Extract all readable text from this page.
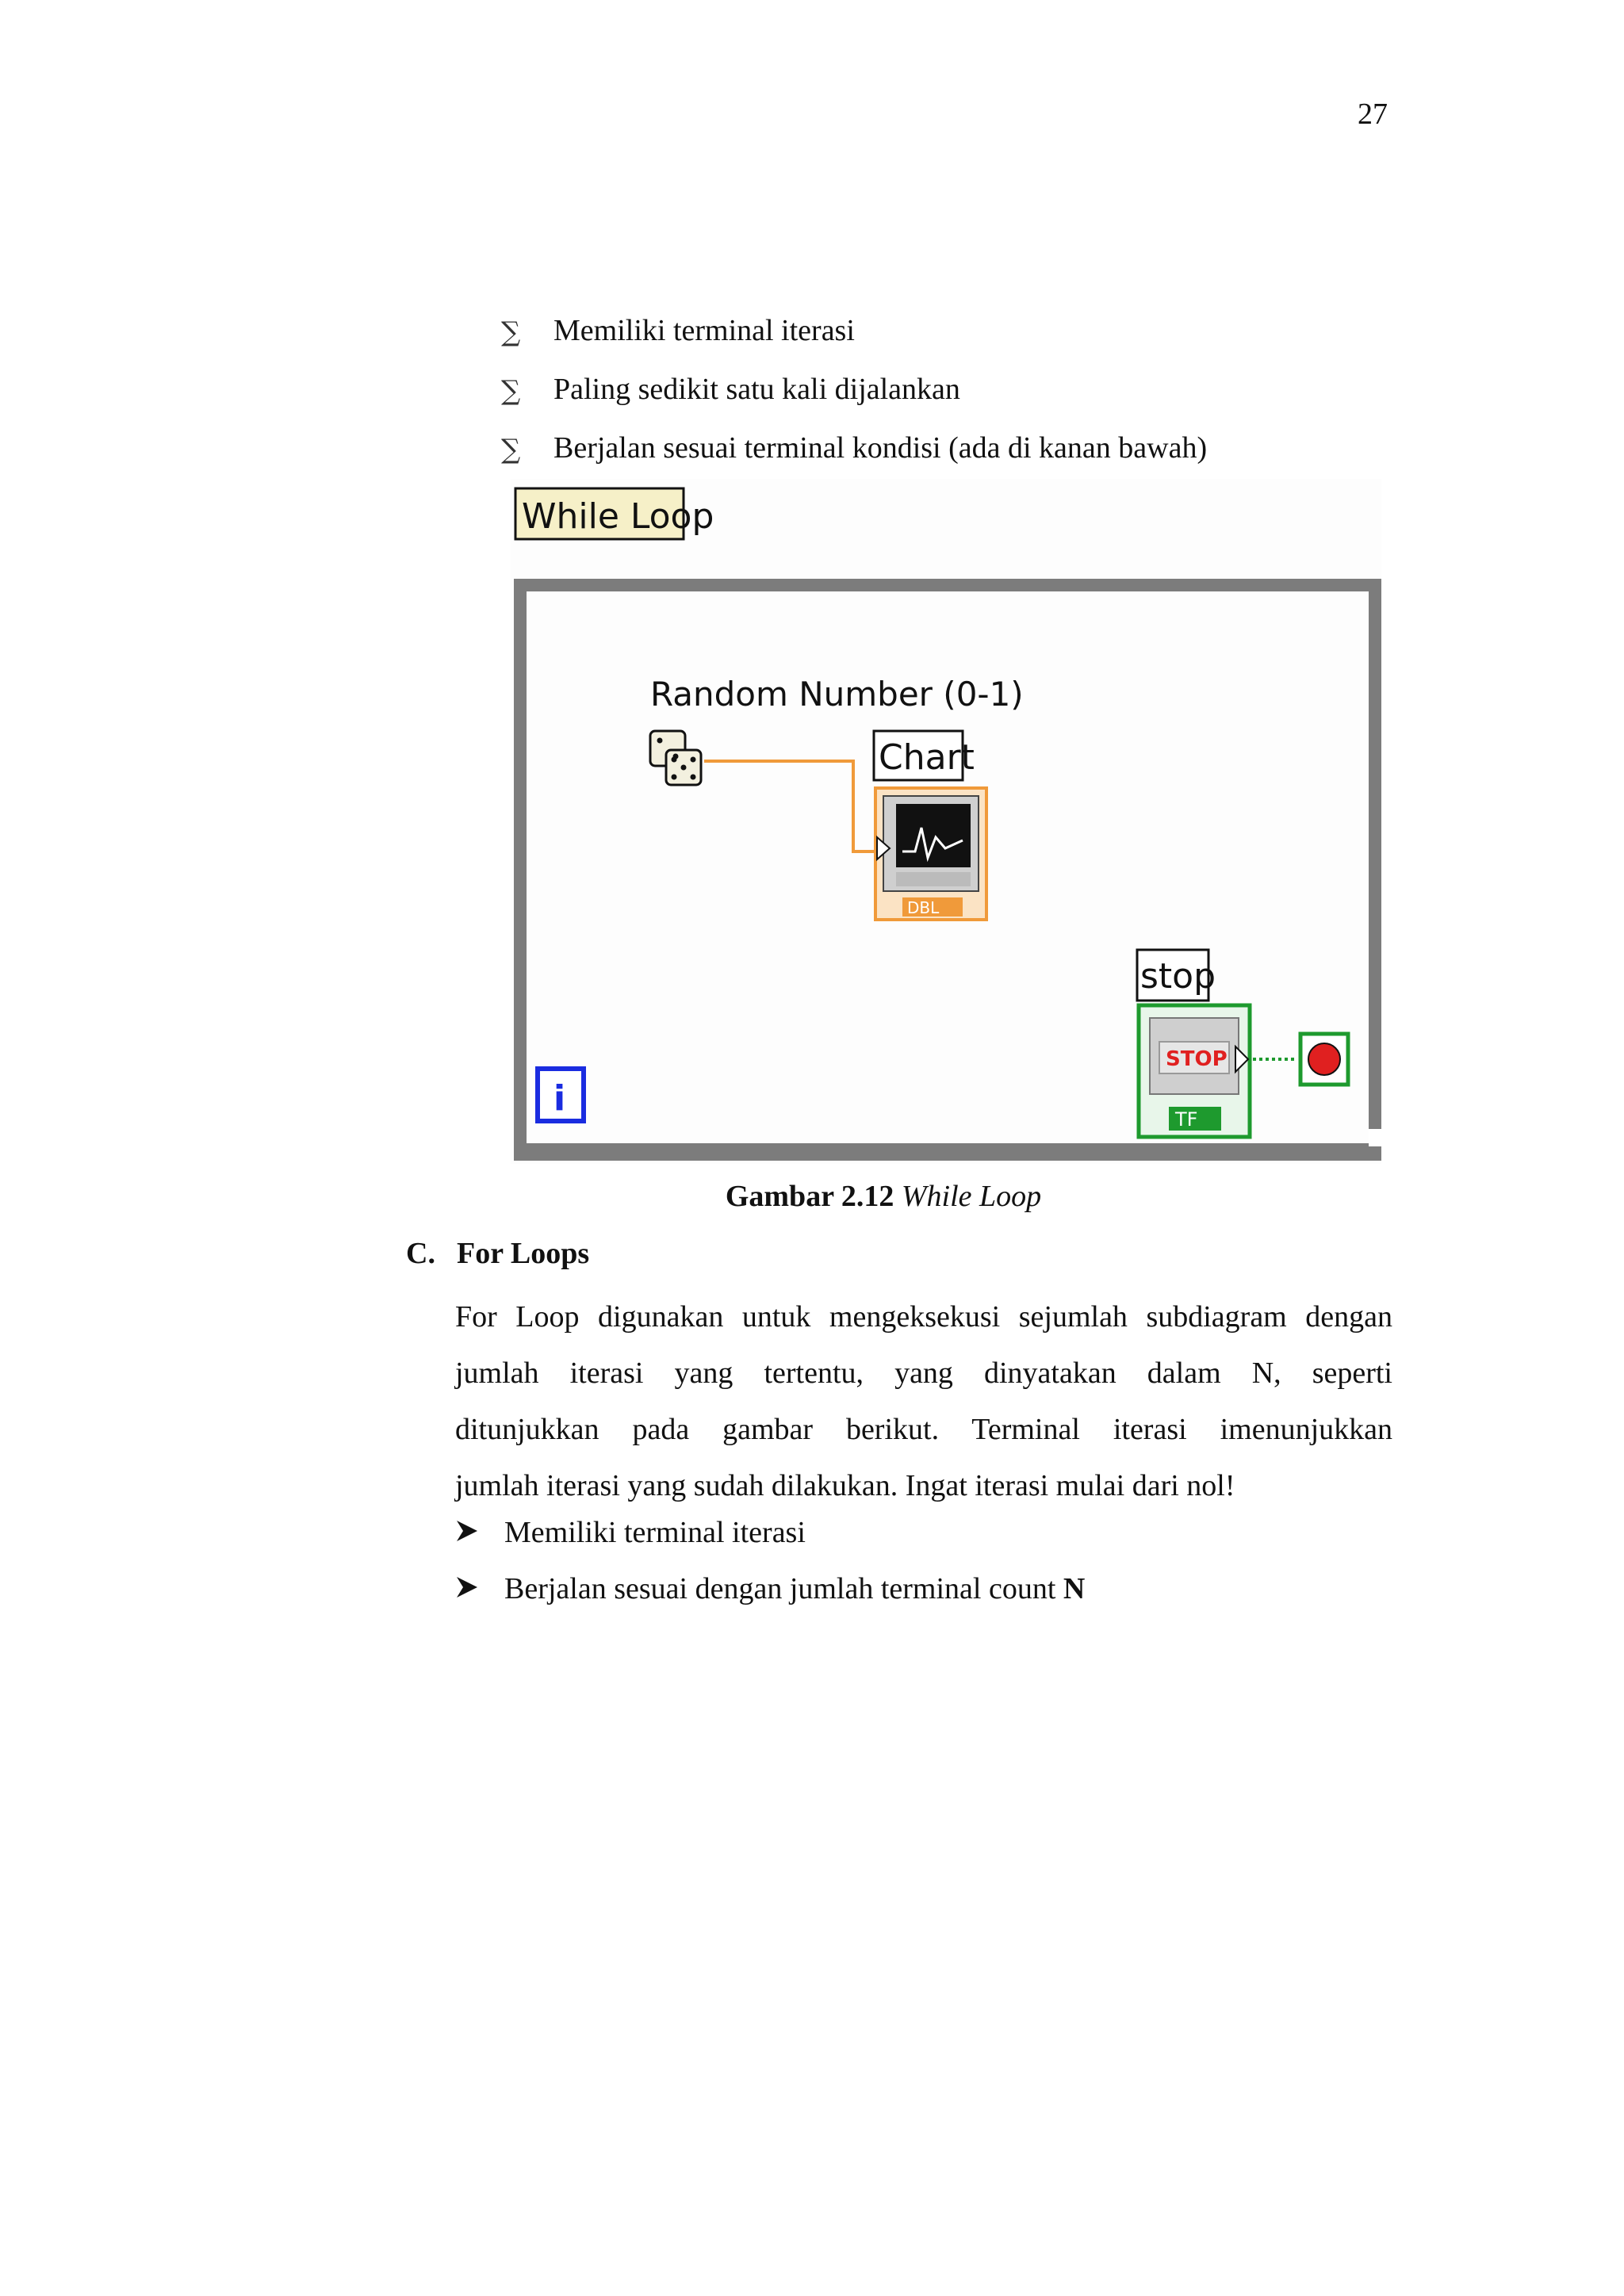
27
∑ Memiliki terminal iterasi
∑ Paling sedikit satu kali dijalankan
∑ Berjalan sesuai terminal kondisi (ada di kanan bawah)
While Loop
Random Number (0-1)
Chart
DBL
stop
STOP
TF
i
Gambar 2.12 While Loop
C. For Loops
For Loop digunakan untuk mengeksekusi sejumlah subdiagram dengan
jumlah iterasi yang tertentu, yang dinyatakan dalam N, seperti
ditunjukkan pada gambar berikut. Terminal iterasi imenunjukkan
jumlah iterasi yang sudah dilakukan. Ingat iterasi mulai dari nol!
Memiliki terminal iterasi
Berjalan sesuai dengan jumlah terminal count N
